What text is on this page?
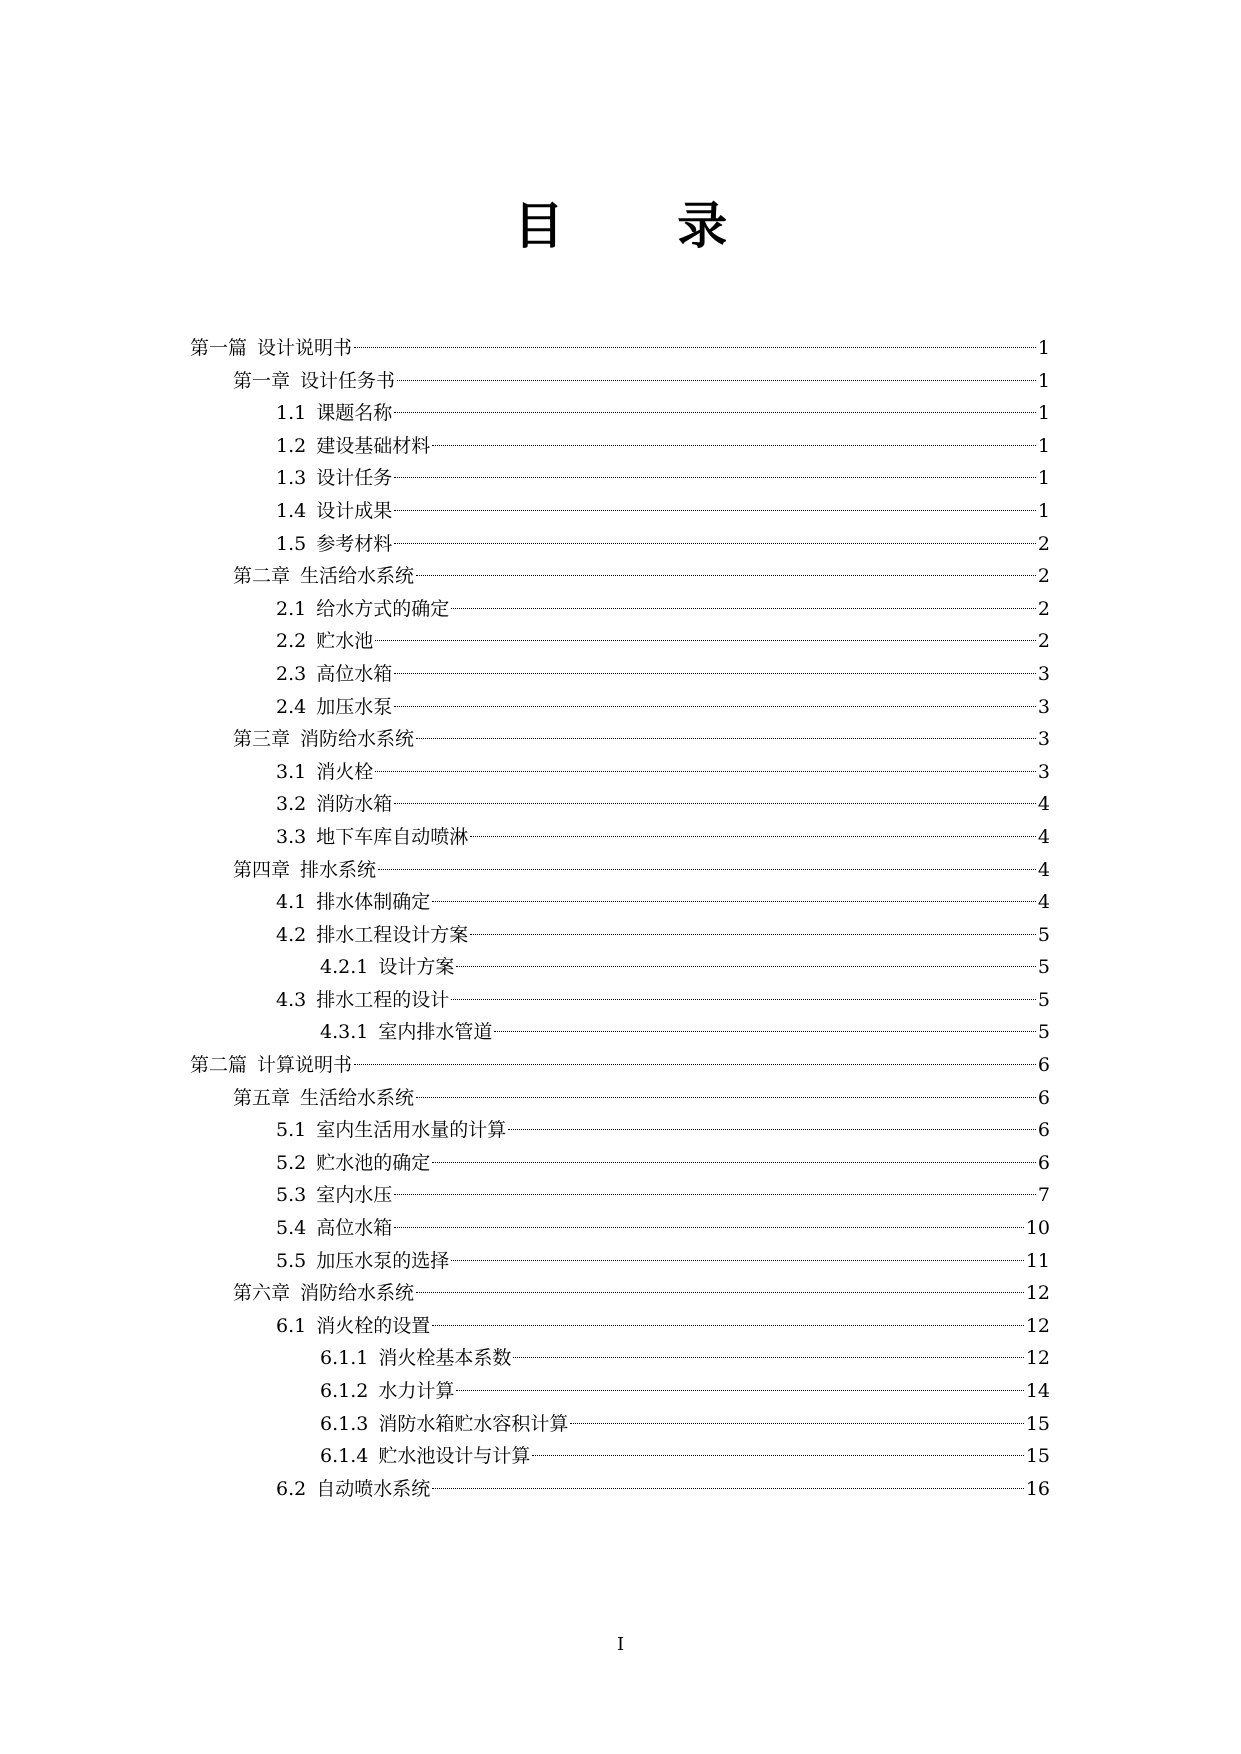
目 录
第一篇 设计说明书	1
第一章 设计任务书	1
1.1 课题名称	1
1.2 建设基础材料	1
1.3 设计任务	1
1.4 设计成果	1
1.5 参考材料	2
第二章 生活给水系统	2
2.1 给水方式的确定	2
2.2 贮水池	2
2.3 高位水箱	3
2.4 加压水泵	3
第三章 消防给水系统	3
3.1 消火栓	3
3.2 消防水箱	4
3.3 地下车库自动喷淋	4
第四章 排水系统	4
4.1 排水体制确定	4
4.2 排水工程设计方案	5
4.2.1 设计方案	5
4.3 排水工程的设计	5
4.3.1 室内排水管道	5
第二篇 计算说明书	6
第五章 生活给水系统	6
5.1 室内生活用水量的计算	6
5.2 贮水池的确定	6
5.3 室内水压	7
5.4 高位水箱	10
5.5 加压水泵的选择	11
第六章 消防给水系统	12
6.1 消火栓的设置	12
6.1.1 消火栓基本系数	12
6.1.2 水力计算	14
6.1.3 消防水箱贮水容积计算	15
6.1.4 贮水池设计与计算	15
6.2 自动喷水系统	16
I
